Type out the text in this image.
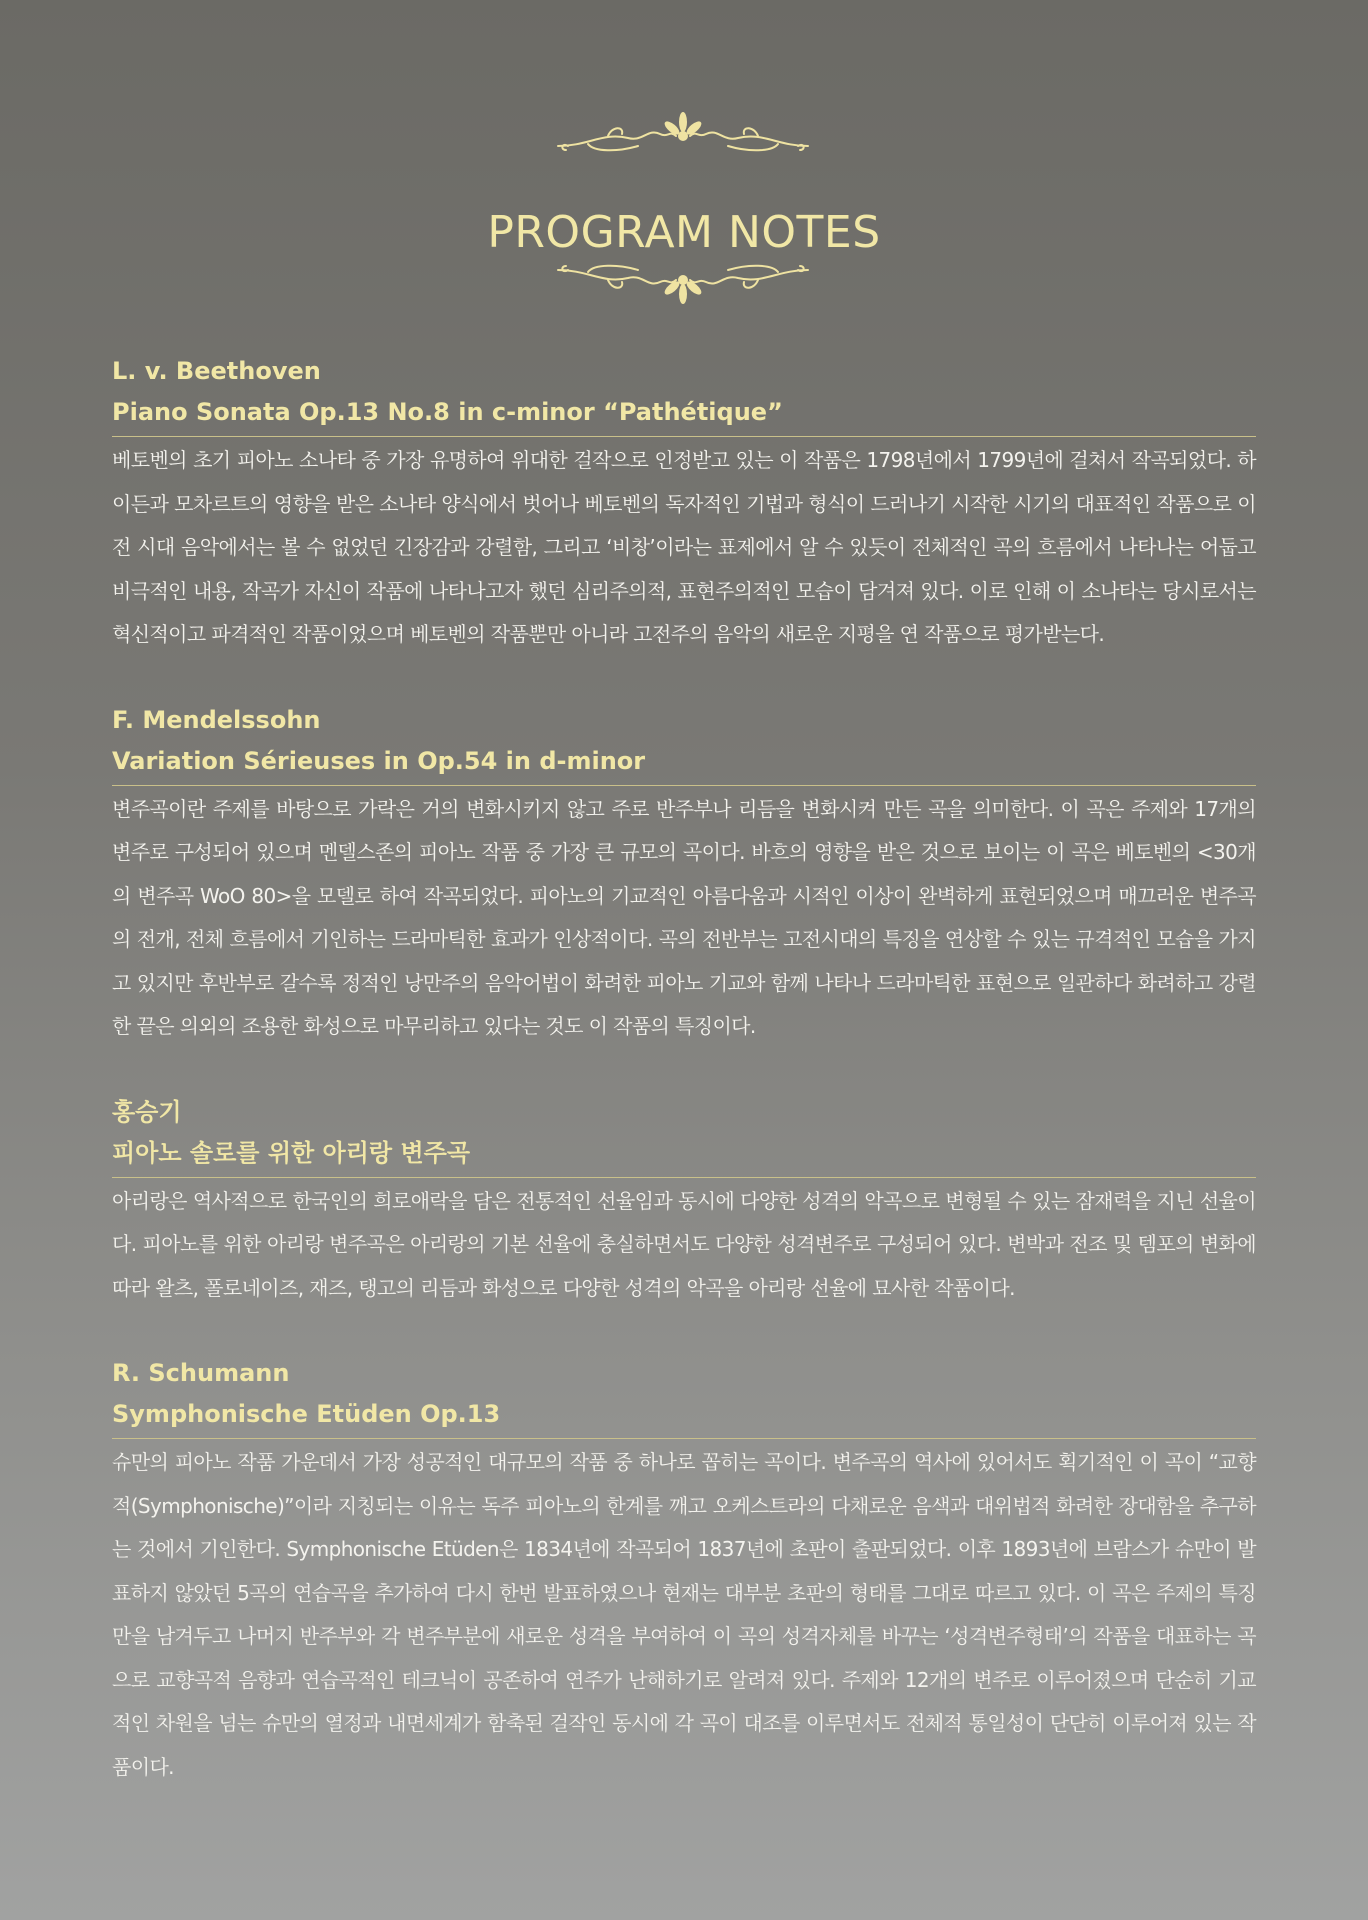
PROGRAM NOTES
L. v. Beethoven
Piano Sonata Op.13 No.8 in c-minor “Pathétique”
베토벤의 초기 피아노 소나타 중 가장 유명하여 위대한 걸작으로 인정받고 있는 이 작품은 1798년에서 1799년에 걸쳐서 작곡되었다. 하이든과 모차르트의 영향을 받은 소나타 양식에서 벗어나 베토벤의 독자적인 기법과 형식이 드러나기 시작한 시기의 대표적인 작품으로 이전 시대 음악에서는 볼 수 없었던 긴장감과 강렬함, 그리고 ‘비창’이라는 표제에서 알 수 있듯이 전체적인 곡의 흐름에서 나타나는 어둡고 비극적인 내용, 작곡가 자신이 작품에 나타나고자 했던 심리주의적, 표현주의적인 모습이 담겨져 있다. 이로 인해 이 소나타는 당시로서는 혁신적이고 파격적인 작품이었으며 베토벤의 작품뿐만 아니라 고전주의 음악의 새로운 지평을 연 작품으로 평가받는다.
F. Mendelssohn
Variation Sérieuses in Op.54 in d-minor
변주곡이란 주제를 바탕으로 가락은 거의 변화시키지 않고 주로 반주부나 리듬을 변화시켜 만든 곡을 의미한다. 이 곡은 주제와 17개의 변주로 구성되어 있으며 멘델스존의 피아노 작품 중 가장 큰 규모의 곡이다. 바흐의 영향을 받은 것으로 보이는 이 곡은 베토벤의 <30개의 변주곡 WoO 80>을 모델로 하여 작곡되었다. 피아노의 기교적인 아름다움과 시적인 이상이 완벽하게 표현되었으며 매끄러운 변주곡의 전개, 전체 흐름에서 기인하는 드라마틱한 효과가 인상적이다. 곡의 전반부는 고전시대의 특징을 연상할 수 있는 규격적인 모습을 가지고 있지만 후반부로 갈수록 정적인 낭만주의 음악어법이 화려한 피아노 기교와 함께 나타나 드라마틱한 표현으로 일관하다 화려하고 강렬한 끝은 의외의 조용한 화성으로 마무리하고 있다는 것도 이 작품의 특징이다.
홍승기
피아노 솔로를 위한 아리랑 변주곡
아리랑은 역사적으로 한국인의 희로애락을 담은 전통적인 선율임과 동시에 다양한 성격의 악곡으로 변형될 수 있는 잠재력을 지닌 선율이다. 피아노를 위한 아리랑 변주곡은 아리랑의 기본 선율에 충실하면서도 다양한 성격변주로 구성되어 있다. 변박과 전조 및 템포의 변화에 따라 왈츠, 폴로네이즈, 재즈, 탱고의 리듬과 화성으로 다양한 성격의 악곡을 아리랑 선율에 묘사한 작품이다.
R. Schumann
Symphonische Etüden Op.13
슈만의 피아노 작품 가운데서 가장 성공적인 대규모의 작품 중 하나로 꼽히는 곡이다. 변주곡의 역사에 있어서도 획기적인 이 곡이 “교향적(Symphonische)”이라 지칭되는 이유는 독주 피아노의 한계를 깨고 오케스트라의 다채로운 음색과 대위법적 화려한 장대함을 추구하는 것에서 기인한다. Symphonische Etüden은 1834년에 작곡되어 1837년에 초판이 출판되었다. 이후 1893년에 브람스가 슈만이 발표하지 않았던 5곡의 연습곡을 추가하여 다시 한번 발표하였으나 현재는 대부분 초판의 형태를 그대로 따르고 있다. 이 곡은 주제의 특징만을 남겨두고 나머지 반주부와 각 변주부분에 새로운 성격을 부여하여 이 곡의 성격자체를 바꾸는 ‘성격변주형태’의 작품을 대표하는 곡으로 교향곡적 음향과 연습곡적인 테크닉이 공존하여 연주가 난해하기로 알려져 있다. 주제와 12개의 변주로 이루어졌으며 단순히 기교적인 차원을 넘는 슈만의 열정과 내면세계가 함축된 걸작인 동시에 각 곡이 대조를 이루면서도 전체적 통일성이 단단히 이루어져 있는 작품이다.
